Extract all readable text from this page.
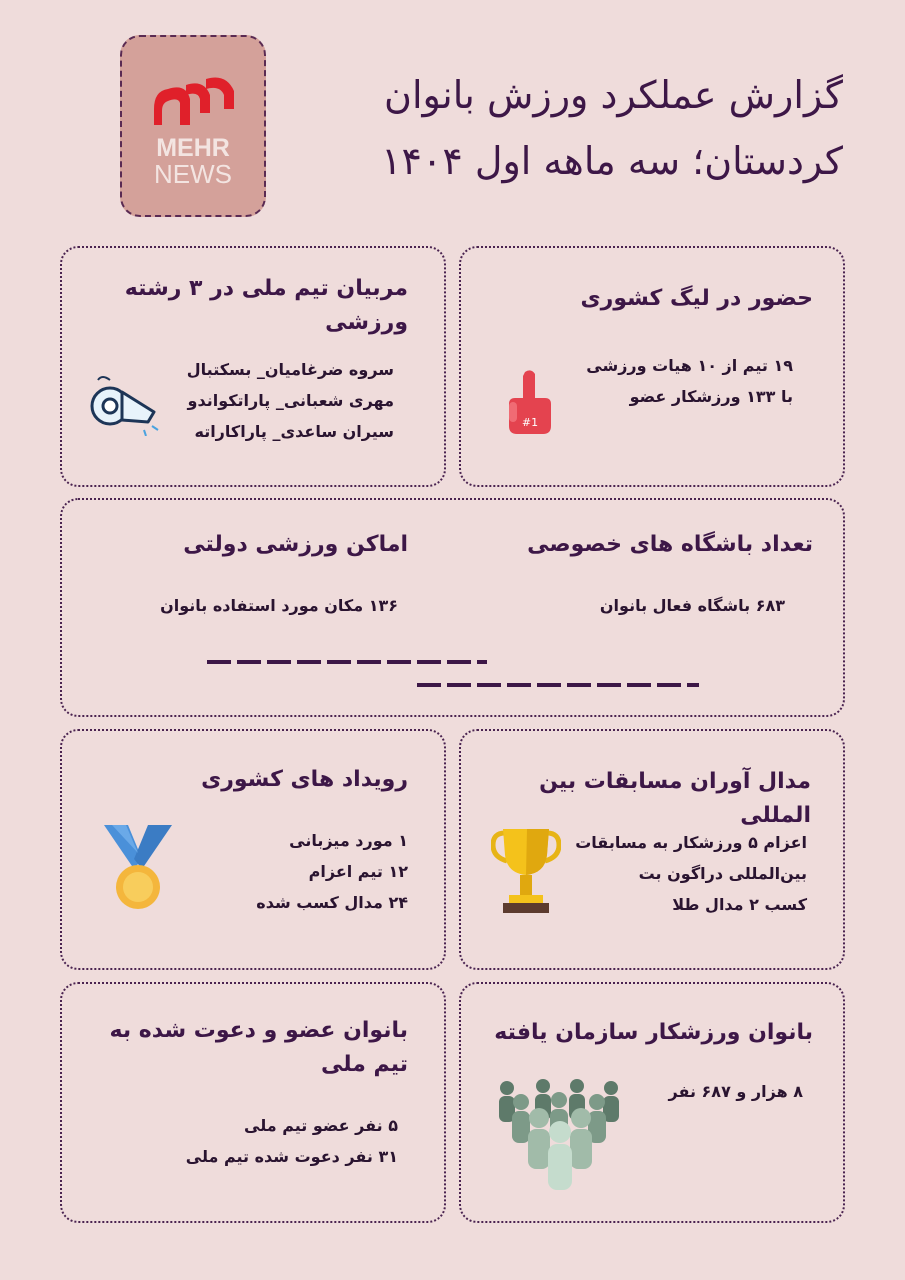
MEHR
NEWS
گزارش عملکرد ورزش بانوان
کردستان؛ سه ماهه اول ۱۴۰۴
حضور در لیگ کشوری
۱۹ تیم از ۱۰ هیات ورزشی
با ۱۳۳ ورزشکار عضو
#1
مربیان تیم ملی در ۳ رشته
ورزشی
سروه ضرغامیان_ بسکتبال
مهری شعبانی_ پاراتکواندو
سیران ساعدی_ پاراکاراته
تعداد باشگاه های خصوصی
۶۸۳ باشگاه فعال بانوان
اماکن ورزشی دولتی
۱۳۶ مکان مورد استفاده بانوان
مدال آوران مسابقات بین المللی
اعزام ۵ ورزشکار به مسابقات
بین‌المللی دراگون بت
کسب ۲ مدال طلا
رویداد های کشوری
۱ مورد میزبانی
۱۲ تیم اعزام
۲۴ مدال کسب شده
بانوان ورزشکار سازمان یافته
۸ هزار و ۶۸۷ نفر
بانوان عضو و دعوت شده به
تیم ملی
۵ نفر عضو تیم ملی
۳۱ نفر دعوت شده تیم ملی
